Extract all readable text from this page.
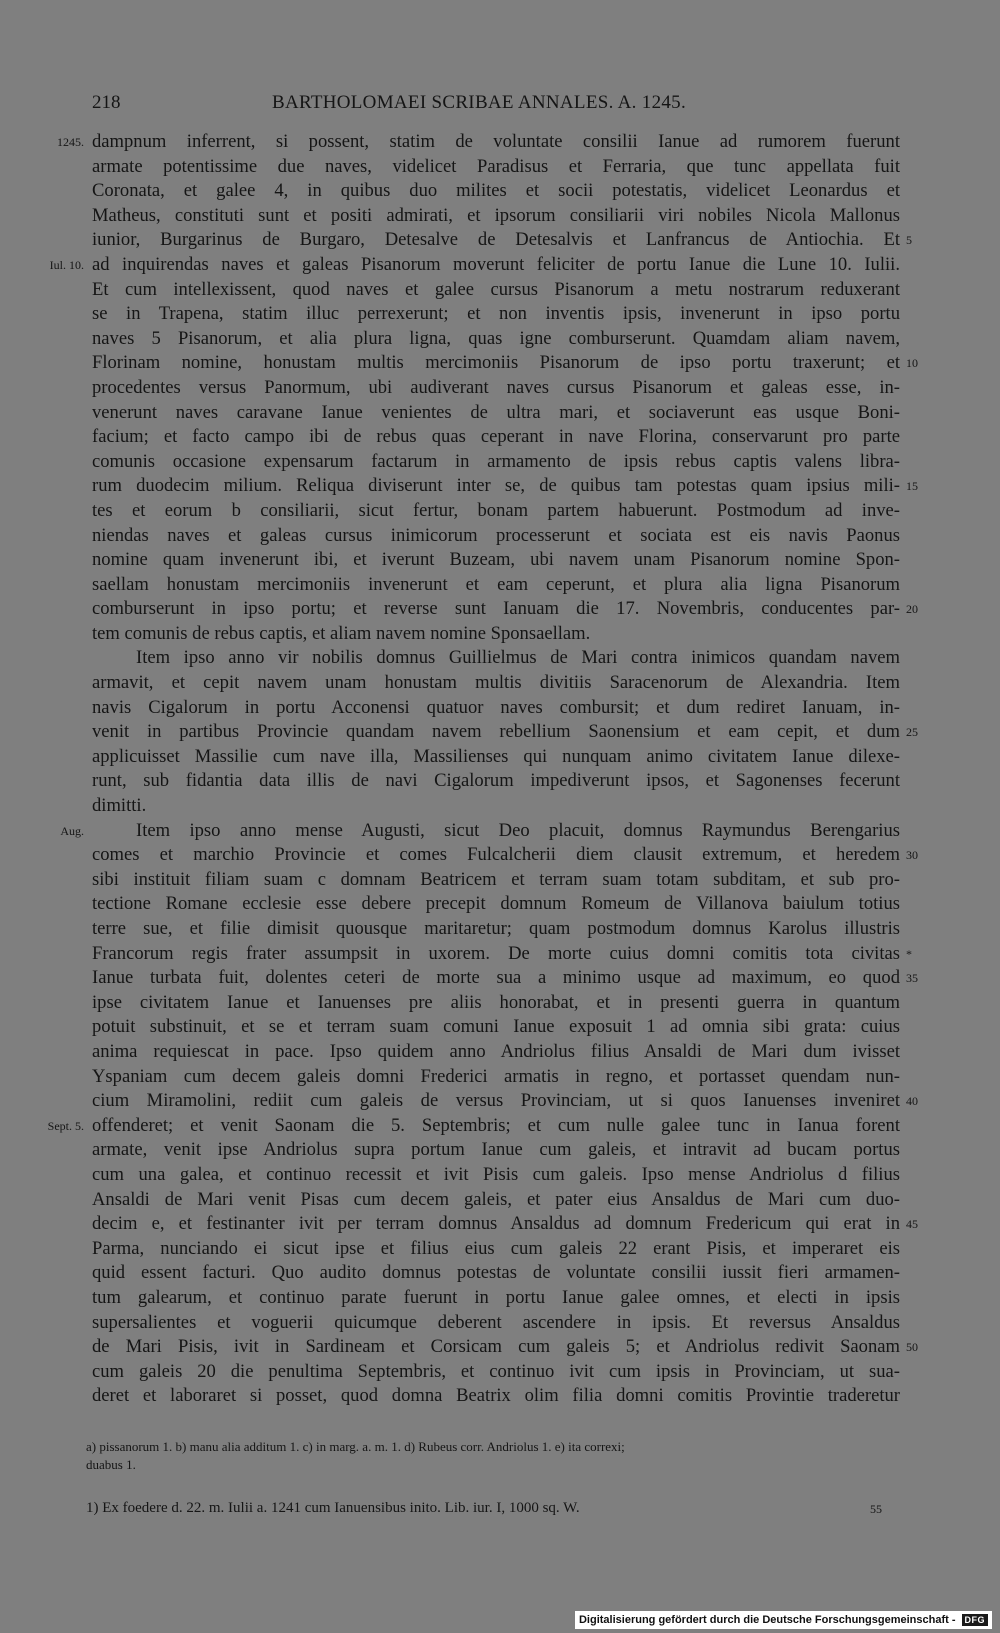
218	BARTHOLOMAEI SCRIBAE ANNALES. A. 1245.
dampnum inferrent, si possent, statim de voluntate consilii Ianue ad rumorem fuerunt
1245.
armate potentissime due naves, videlicet Paradisus et Ferraria, que tunc appellata fuit
Coronata, et galee 4, in quibus duo milites et socii potestatis, videlicet Leonardus et
Matheus, constituti sunt et positi admirati, et ipsorum consiliarii viri nobiles Nicola Mallonus
iunior, Burgarinus de Burgaro, Detesalve de Detesalvis et Lanfrancus de Antiochia. Et 5
ad inquirendas naves et galeas Pisanorum moverunt feliciter de portu Ianue die Lune 10. Iulii.
Iul. 10.
Et cum intellexissent, quod naves et galee cursus Pisanorum a metu nostrarum reduxerant
se in Trapena, statim illuc perrexerunt; et non inventis ipsis, invenerunt in ipso portu
naves 5 Pisanorum, et alia plura ligna, quas igne comburserunt. Quamdam aliam navem,
Florinam nomine, honustam multis mercimoniis Pisanorum de ipso portu traxerunt; et 10
procedentes versus Panormum, ubi audiverant naves cursus Pisanorum et galeas esse, in-
venerunt naves caravane Ianue venientes de ultra mari, et sociaverunt eas usque Boni-
facium; et facto campo ibi de rebus quas ceperant in nave Florina, conservarunt pro parte
comunis occasione expensarum factarum in armamento de ipsis rebus captis valens libra-
rum duodecim milium. Reliqua diviserunt inter se, de quibus tam potestas quam ipsius mili- 15
tes et eorum b consiliarii, sicut fertur, bonam partem habuerunt. Postmodum ad inve-
niendas naves et galeas cursus inimicorum processerunt et sociata est eis navis Paonus
nomine quam invenerunt ibi, et iverunt Buzeam, ubi navem unam Pisanorum nomine Spon-
saellam honustam mercimoniis invenerunt et eam ceperunt, et plura alia ligna Pisanorum
comburserunt in ipso portu; et reverse sunt Ianuam die 17. Novembris, conducentes par- 20
tem comunis de rebus captis, et aliam navem nomine Sponsaellam.
Item ipso anno vir nobilis domnus Guillielmus de Mari contra inimicos quandam navem
armavit, et cepit navem unam honustam multis divitiis Saracenorum de Alexandria. Item
navis Cigalorum in portu Acconensi quatuor naves combursit; et dum rediret Ianuam, in-
venit in partibus Provincie quandam navem rebellium Saonensium et eam cepit, et dum 25
applicuisset Massilie cum nave illa, Massilienses qui nunquam animo civitatem Ianue dilexe-
runt, sub fidantia data illis de navi Cigalorum impediverunt ipsos, et Sagonenses fecerunt
dimitti.
Item ipso anno mense Augusti, sicut Deo placuit, domnus Raymundus Berengarius
Aug.
comes et marchio Provincie et comes Fulcalcherii diem clausit extremum, et heredem 30
sibi instituit filiam suam c domnam Beatricem et terram suam totam subditam, et sub pro-
tectione Romane ecclesie esse debere precepit domnum Romeum de Villanova baiulum totius
terre sue, et filie dimisit quousque maritaretur; quam postmodum domnus Karolus illustris
Francorum regis frater assumpsit in uxorem. De morte cuius domni comitis tota civitas *
Ianue turbata fuit, dolentes ceteri de morte sua a minimo usque ad maximum, eo quod 35
ipse civitatem Ianue et Ianuenses pre aliis honorabat, et in presenti guerra in quantum
potuit substinuit, et se et terram suam comuni Ianue exposuit 1 ad omnia sibi grata: cuius
anima requiescat in pace. Ipso quidem anno Andriolus filius Ansaldi de Mari dum ivisset
Yspaniam cum decem galeis domni Frederici armatis in regno, et portasset quendam nun-
cium Miramolini, rediit cum galeis de versus Provinciam, ut si quos Ianuenses inveniret 40
offenderet; et venit Saonam die 5. Septembris; et cum nulle galee tunc in Ianua forent
Sept. 5.
armate, venit ipse Andriolus supra portum Ianue cum galeis, et intravit ad bucam portus
cum una galea, et continuo recessit et ivit Pisis cum galeis. Ipso mense Andriolus d filius
Ansaldi de Mari venit Pisas cum decem galeis, et pater eius Ansaldus de Mari cum duo-
decim e, et festinanter ivit per terram domnus Ansaldus ad domnum Fredericum qui erat in 45
Parma, nunciando ei sicut ipse et filius eius cum galeis 22 erant Pisis, et imperaret eis
quid essent facturi. Quo audito domnus potestas de voluntate consilii iussit fieri armamen-
tum galearum, et continuo parate fuerunt in portu Ianue galee omnes, et electi in ipsis
supersalientes et voguerii quicumque deberent ascendere in ipsis. Et reversus Ansaldus
de Mari Pisis, ivit in Sardineam et Corsicam cum galeis 5; et Andriolus redivit Saonam 50
cum galeis 20 die penultima Septembris, et continuo ivit cum ipsis in Provinciam, ut sua-
deret et laboraret si posset, quod domna Beatrix olim filia domni comitis Provintie traderetur
a) pissanorum 1. b) manu alia additum 1. c) in marg. a. m. 1. d) Rubeus corr. Andriolus 1. e) ita correxi;
duabus 1.
1) Ex foedere d. 22. m. Iulii a. 1241 cum Ianuensibus inito. Lib. iur. I, 1000 sq. W.	55
Digitalisierung gefördert durch die Deutsche Forschungsgemeinschaft -	DFG
